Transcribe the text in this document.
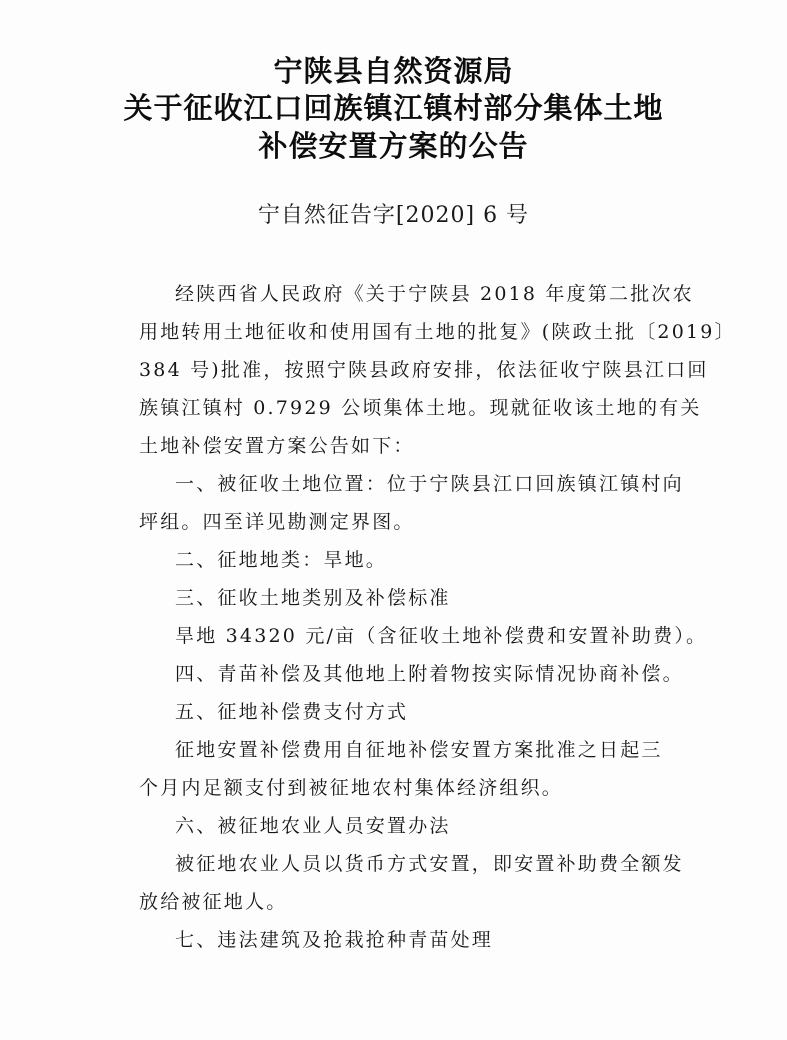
宁陕县自然资源局
关于征收江口回族镇江镇村部分集体土地
补偿安置方案的公告
宁自然征告字[2020] 6 号
经陕西省人民政府《关于宁陕县 2018 年度第二批次农
用地转用土地征收和使用国有土地的批复》(陕政土批〔2019〕
384 号)批准，按照宁陕县政府安排，依法征收宁陕县江口回
族镇江镇村 0.7929 公顷集体土地。现就征收该土地的有关
土地补偿安置方案公告如下：
一、被征收土地位置：位于宁陕县江口回族镇江镇村向
坪组。四至详见勘测定界图。
二、征地地类：旱地。
三、征收土地类别及补偿标准
旱地 34320 元/亩（含征收土地补偿费和安置补助费）。
四、青苗补偿及其他地上附着物按实际情况协商补偿。
五、征地补偿费支付方式
征地安置补偿费用自征地补偿安置方案批准之日起三
个月内足额支付到被征地农村集体经济组织。
六、被征地农业人员安置办法
被征地农业人员以货币方式安置，即安置补助费全额发
放给被征地人。
七、违法建筑及抢栽抢种青苗处理
